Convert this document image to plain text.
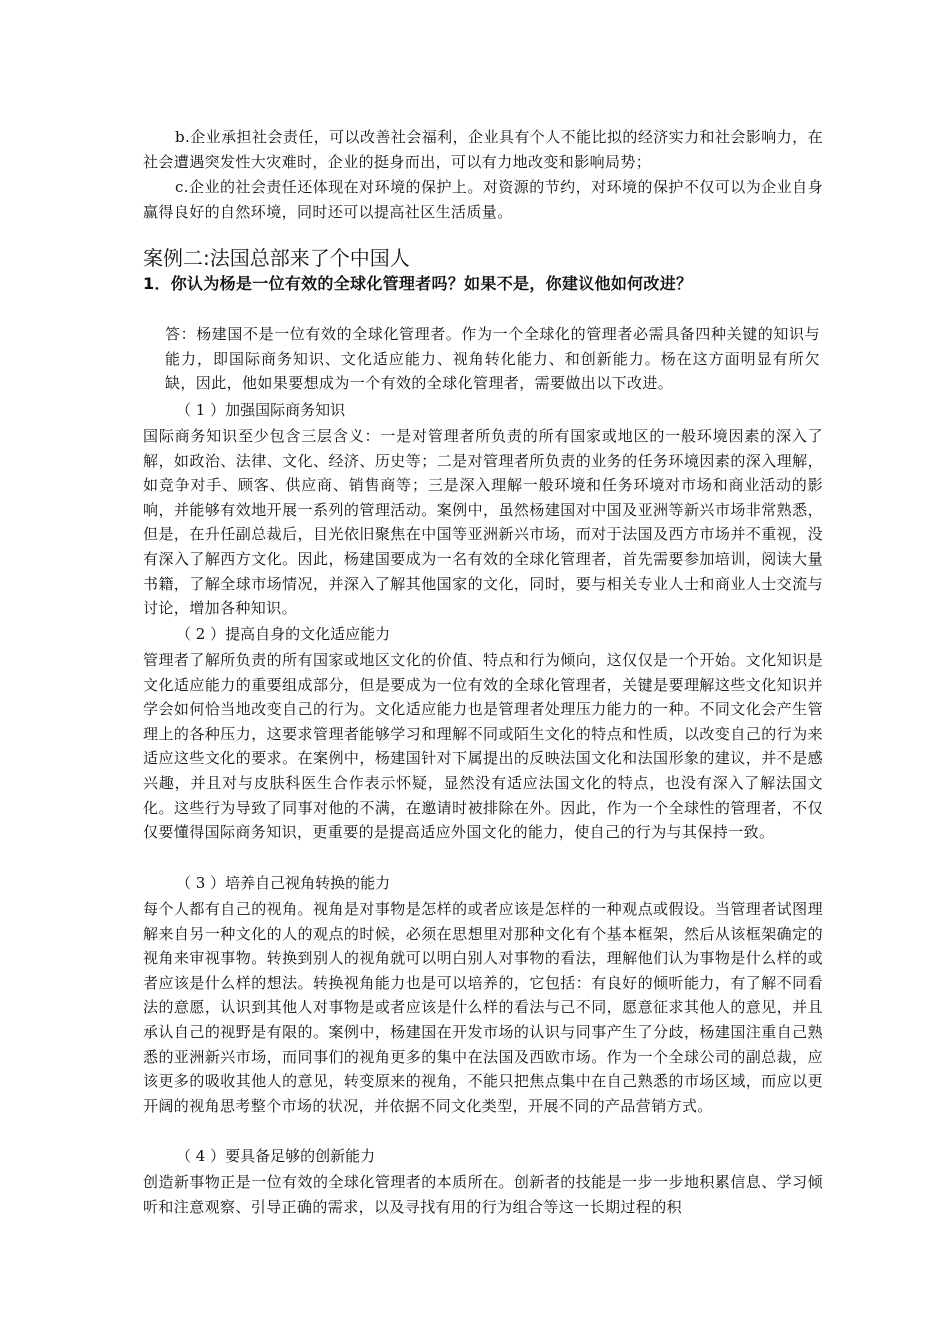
b.企业承担社会责任，可以改善社会福利，企业具有个人不能比拟的经济实力和社会影响力，在社会遭遇突发性大灾难时，企业的挺身而出，可以有力地改变和影响局势；

c.企业的社会责任还体现在对环境的保护上。对资源的节约，对环境的保护不仅可以为企业自身赢得良好的自然环境，同时还可以提高社区生活质量。

案例二:法国总部来了个中国人
1．你认为杨是一位有效的全球化管理者吗？如果不是，你建议他如何改进？

答：杨建国不是一位有效的全球化管理者。作为一个全球化的管理者必需具备四种关键的知识与能力，即国际商务知识、文化适应能力、视角转化能力、和创新能力。杨在这方面明显有所欠缺，因此，他如果要想成为一个有效的全球化管理者，需要做出以下改进。

（ 1 ）加强国际商务知识

国际商务知识至少包含三层含义：一是对管理者所负责的所有国家或地区的一般环境因素的深入了解，如政治、法律、文化、经济、历史等；二是对管理者所负责的业务的任务环境因素的深入理解，如竞争对手、顾客、供应商、销售商等；三是深入理解一般环境和任务环境对市场和商业活动的影响，并能够有效地开展一系列的管理活动。案例中，虽然杨建国对中国及亚洲等新兴市场非常熟悉，但是，在升任副总裁后，目光依旧聚焦在中国等亚洲新兴市场，而对于法国及西方市场并不重视，没有深入了解西方文化。因此，杨建国要成为一名有效的全球化管理者，首先需要参加培训，阅读大量书籍，了解全球市场情况，并深入了解其他国家的文化，同时，要与相关专业人士和商业人士交流与讨论，增加各种知识。

（ 2 ）提高自身的文化适应能力

管理者了解所负责的所有国家或地区文化的价值、特点和行为倾向，这仅仅是一个开始。文化知识是文化适应能力的重要组成部分，但是要成为一位有效的全球化管理者，关键是要理解这些文化知识并学会如何恰当地改变自己的行为。文化适应能力也是管理者处理压力能力的一种。不同文化会产生管理上的各种压力，这要求管理者能够学习和理解不同或陌生文化的特点和性质，以改变自己的行为来适应这些文化的要求。在案例中，杨建国针对下属提出的反映法国文化和法国形象的建议，并不是感兴趣，并且对与皮肤科医生合作表示怀疑，显然没有适应法国文化的特点，也没有深入了解法国文化。这些行为导致了同事对他的不满，在邀请时被排除在外。因此，作为一个全球性的管理者，不仅仅要懂得国际商务知识，更重要的是提高适应外国文化的能力，使自己的行为与其保持一致。

（ 3 ）培养自己视角转换的能力

每个人都有自己的视角。视角是对事物是怎样的或者应该是怎样的一种观点或假设。当管理者试图理解来自另一种文化的人的观点的时候，必须在思想里对那种文化有个基本框架，然后从该框架确定的视角来审视事物。转换到别人的视角就可以明白别人对事物的看法，理解他们认为事物是什么样的或者应该是什么样的想法。转换视角能力也是可以培养的，它包括：有良好的倾听能力，有了解不同看法的意愿，认识到其他人对事物是或者应该是什么样的看法与己不同，愿意征求其他人的意见，并且承认自己的视野是有限的。案例中，杨建国在开发市场的认识与同事产生了分歧，杨建国注重自己熟悉的亚洲新兴市场，而同事们的视角更多的集中在法国及西欧市场。作为一个全球公司的副总裁，应该更多的吸收其他人的意见，转变原来的视角，不能只把焦点集中在自己熟悉的市场区域，而应以更开阔的视角思考整个市场的状况，并依据不同文化类型，开展不同的产品营销方式。

（ 4 ）要具备足够的创新能力

创造新事物正是一位有效的全球化管理者的本质所在。创新者的技能是一步一步地积累信息、学习倾听和注意观察、引导正确的需求，以及寻找有用的行为组合等这一长期过程的积
